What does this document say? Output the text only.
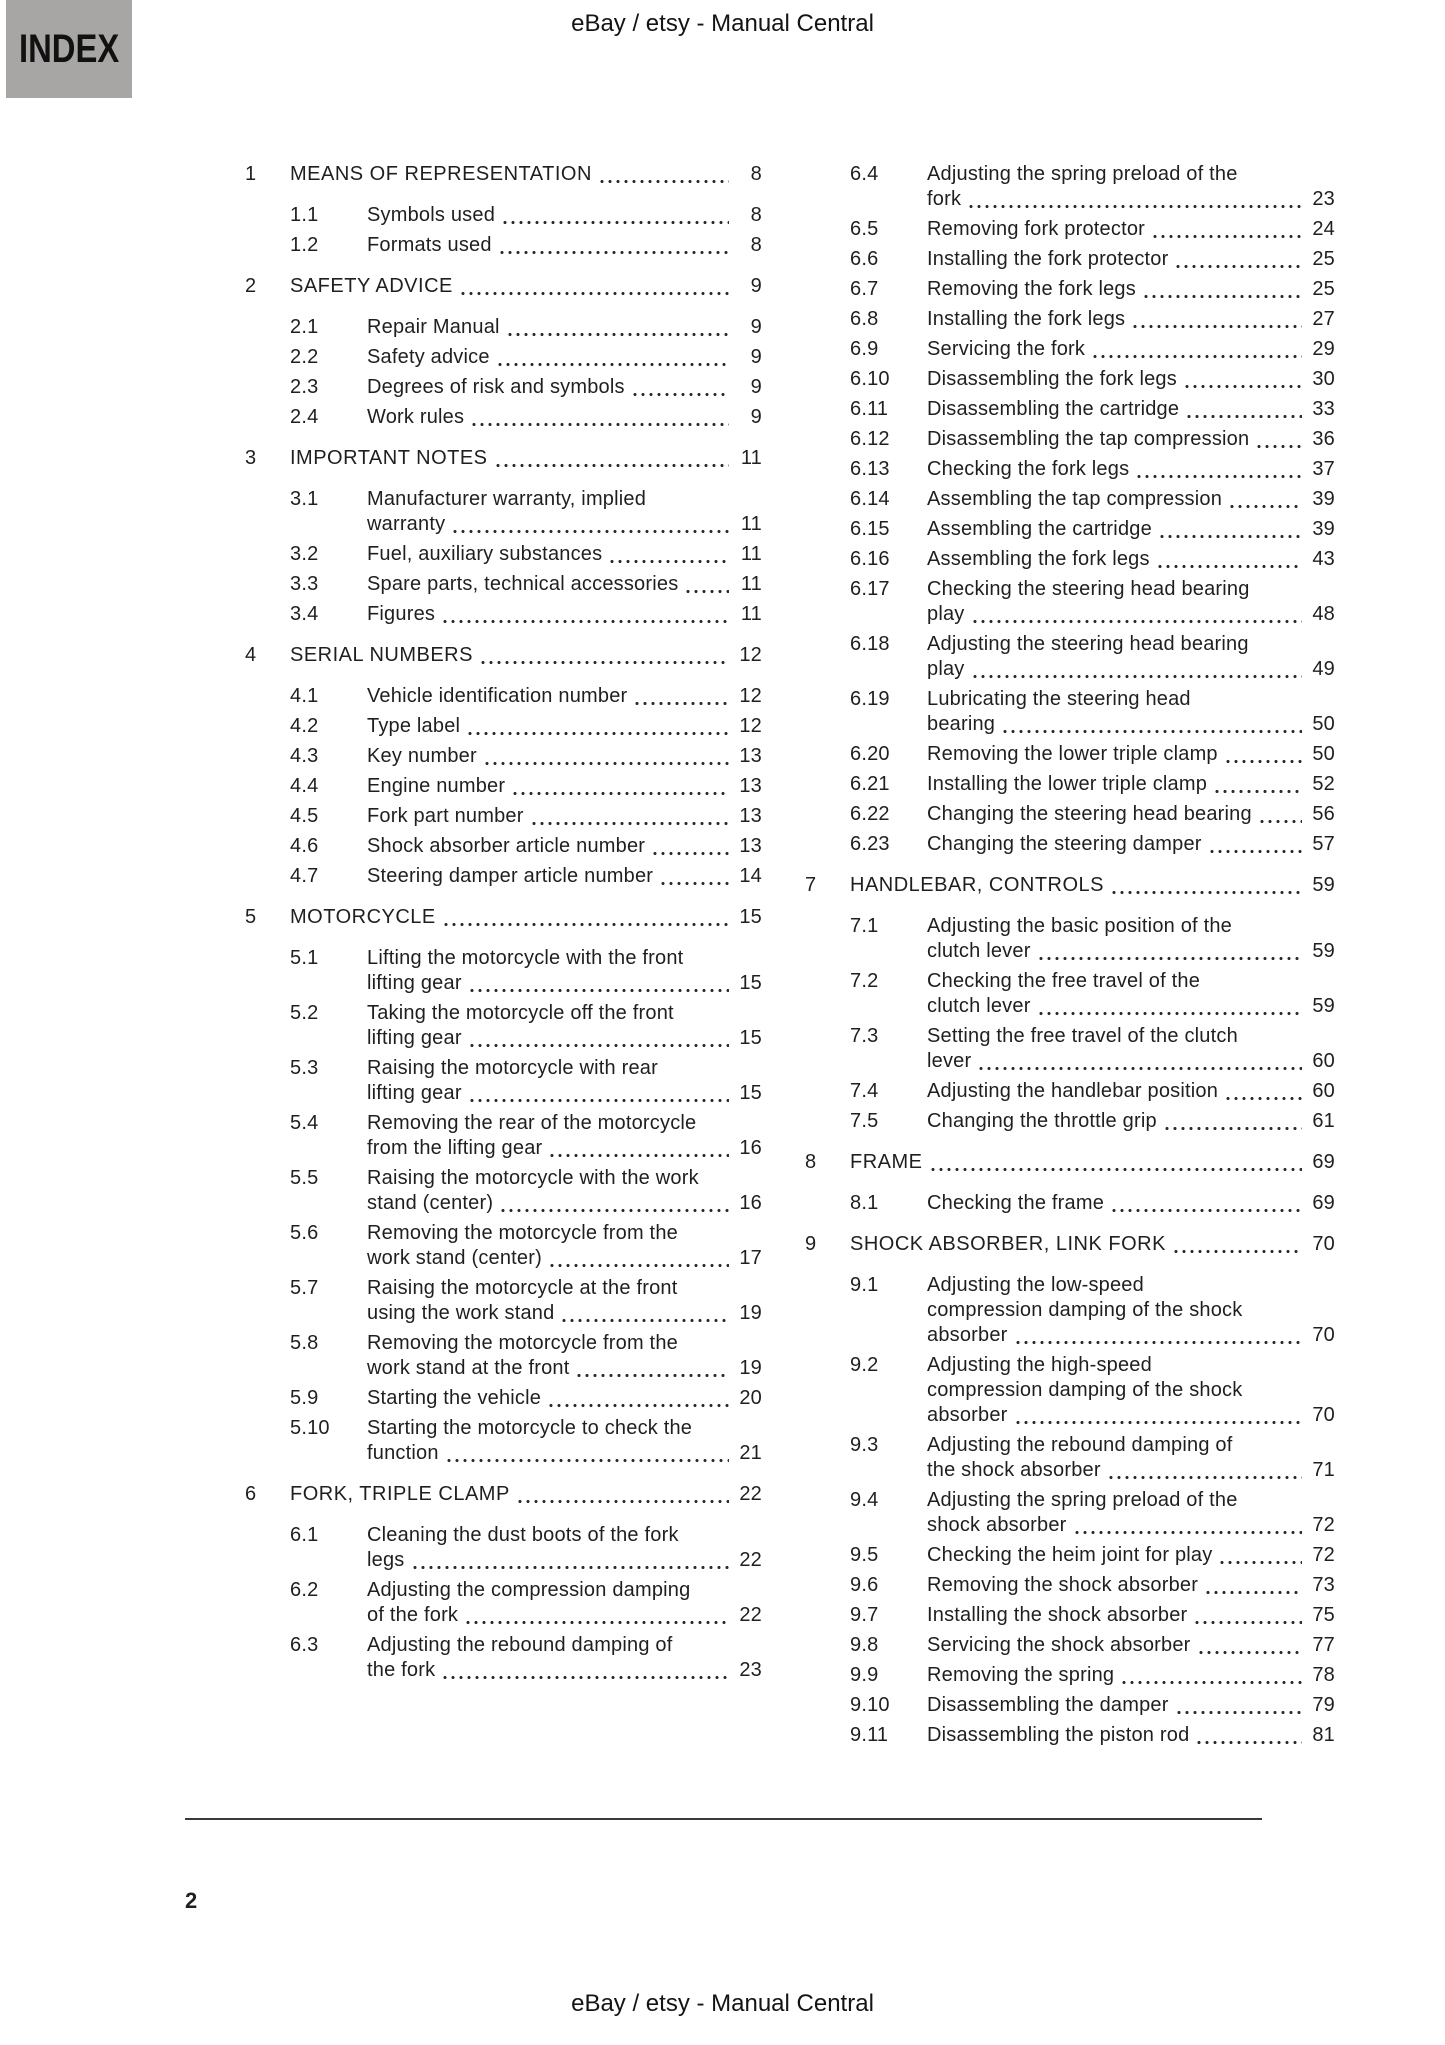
INDEX
eBay / etsy - Manual Central
1	MEANS OF REPRESENTATION	8
1.1	Symbols used	8
1.2	Formats used	8
2	SAFETY ADVICE	9
2.1	Repair Manual	9
2.2	Safety advice	9
2.3	Degrees of risk and symbols	9
2.4	Work rules	9
3	IMPORTANT NOTES	11
3.1	Manufacturer warranty, implied
warranty	11
3.2	Fuel, auxiliary substances	11
3.3	Spare parts, technical accessories	11
3.4	Figures	11
4	SERIAL NUMBERS	12
4.1	Vehicle identification number	12
4.2	Type label	12
4.3	Key number	13
4.4	Engine number	13
4.5	Fork part number	13
4.6	Shock absorber article number	13
4.7	Steering damper article number	14
5	MOTORCYCLE	15
5.1	Lifting the motorcycle with the front
lifting gear	15
5.2	Taking the motorcycle off the front
lifting gear	15
5.3	Raising the motorcycle with rear
lifting gear	15
5.4	Removing the rear of the motorcycle
from the lifting gear	16
5.5	Raising the motorcycle with the work
stand (center)	16
5.6	Removing the motorcycle from the
work stand (center)	17
5.7	Raising the motorcycle at the front
using the work stand	19
5.8	Removing the motorcycle from the
work stand at the front	19
5.9	Starting the vehicle	20
5.10	Starting the motorcycle to check the
function	21
6	FORK, TRIPLE CLAMP	22
6.1	Cleaning the dust boots of the fork
legs	22
6.2	Adjusting the compression damping
of the fork	22
6.3	Adjusting the rebound damping of
the fork	23
6.4	Adjusting the spring preload of the
fork	23
6.5	Removing fork protector	24
6.6	Installing the fork protector	25
6.7	Removing the fork legs	25
6.8	Installing the fork legs	27
6.9	Servicing the fork	29
6.10	Disassembling the fork legs	30
6.11	Disassembling the cartridge	33
6.12	Disassembling the tap compression	36
6.13	Checking the fork legs	37
6.14	Assembling the tap compression	39
6.15	Assembling the cartridge	39
6.16	Assembling the fork legs	43
6.17	Checking the steering head bearing
play	48
6.18	Adjusting the steering head bearing
play	49
6.19	Lubricating the steering head
bearing	50
6.20	Removing the lower triple clamp	50
6.21	Installing the lower triple clamp	52
6.22	Changing the steering head bearing	56
6.23	Changing the steering damper	57
7	HANDLEBAR, CONTROLS	59
7.1	Adjusting the basic position of the
clutch lever	59
7.2	Checking the free travel of the
clutch lever	59
7.3	Setting the free travel of the clutch
lever	60
7.4	Adjusting the handlebar position	60
7.5	Changing the throttle grip	61
8	FRAME	69
8.1	Checking the frame	69
9	SHOCK ABSORBER, LINK FORK	70
9.1	Adjusting the low-speed
compression damping of the shock
absorber	70
9.2	Adjusting the high-speed
compression damping of the shock
absorber	70
9.3	Adjusting the rebound damping of
the shock absorber	71
9.4	Adjusting the spring preload of the
shock absorber	72
9.5	Checking the heim joint for play	72
9.6	Removing the shock absorber	73
9.7	Installing the shock absorber	75
9.8	Servicing the shock absorber	77
9.9	Removing the spring	78
9.10	Disassembling the damper	79
9.11	Disassembling the piston rod	81
2
eBay / etsy - Manual Central
